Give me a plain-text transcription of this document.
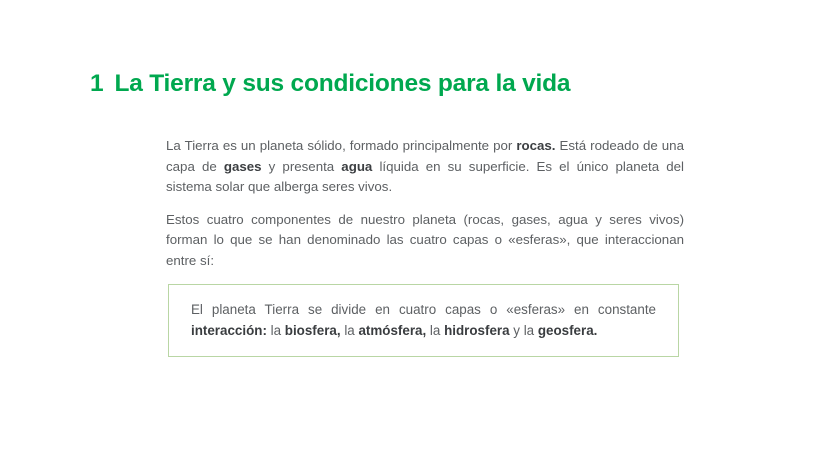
1 La Tierra y sus condiciones para la vida

La Tierra es un planeta sólido, formado principalmente por rocas. Está rodeado de una capa de gases y presenta agua líquida en su superficie. Es el único planeta del sistema solar que alberga seres vivos.

Estos cuatro componentes de nuestro planeta (rocas, gases, agua y seres vivos) forman lo que se han denominado las cuatro capas o «esferas», que interaccionan entre sí:

El planeta Tierra se divide en cuatro capas o «esferas» en constante interacción: la biosfera, la atmósfera, la hidrosfera y la geosfera.
